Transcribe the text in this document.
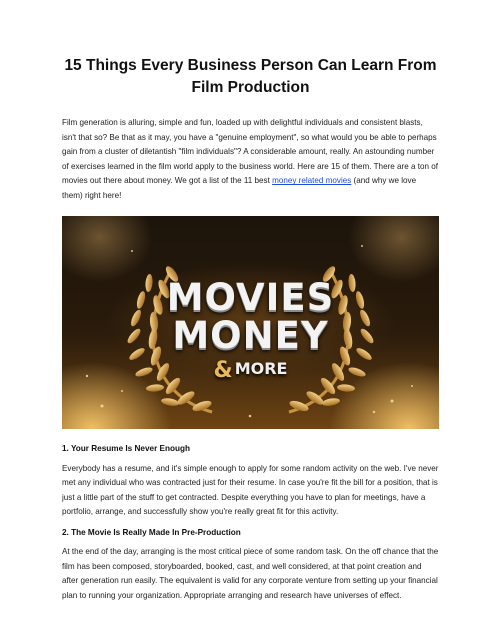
15 Things Every Business Person Can Learn From Film Production

Film generation is alluring, simple and fun, loaded up with delightful individuals and consistent blasts, isn't that so? Be that as it may, you have a "genuine employment", so what would you be able to perhaps gain from a cluster of diletantish "film individuals"? A considerable amount, really. An astounding number of exercises learned in the film world apply to the business world. Here are 15 of them. There are a ton of movies out there about money. We got a list of the 11 best money related movies (and why we love them) right here!

MOVIES
MONEY
& MORE
1. Your Resume Is Never Enough

Everybody has a resume, and it's simple enough to apply for some random activity on the web. I've never met any individual who was contracted just for their resume. In case you're fit the bill for a position, that is just a little part of the stuff to get contracted. Despite everything you have to plan for meetings, have a portfolio, arrange, and successfully show you're really great fit for this activity.

2. The Movie Is Really Made In Pre-Production

At the end of the day, arranging is the most critical piece of some random task. On the off chance that the film has been composed, storyboarded, booked, cast, and well considered, at that point creation and after generation run easily. The equivalent is valid for any corporate venture from setting up your financial plan to running your organization. Appropriate arranging and research have universes of effect.
